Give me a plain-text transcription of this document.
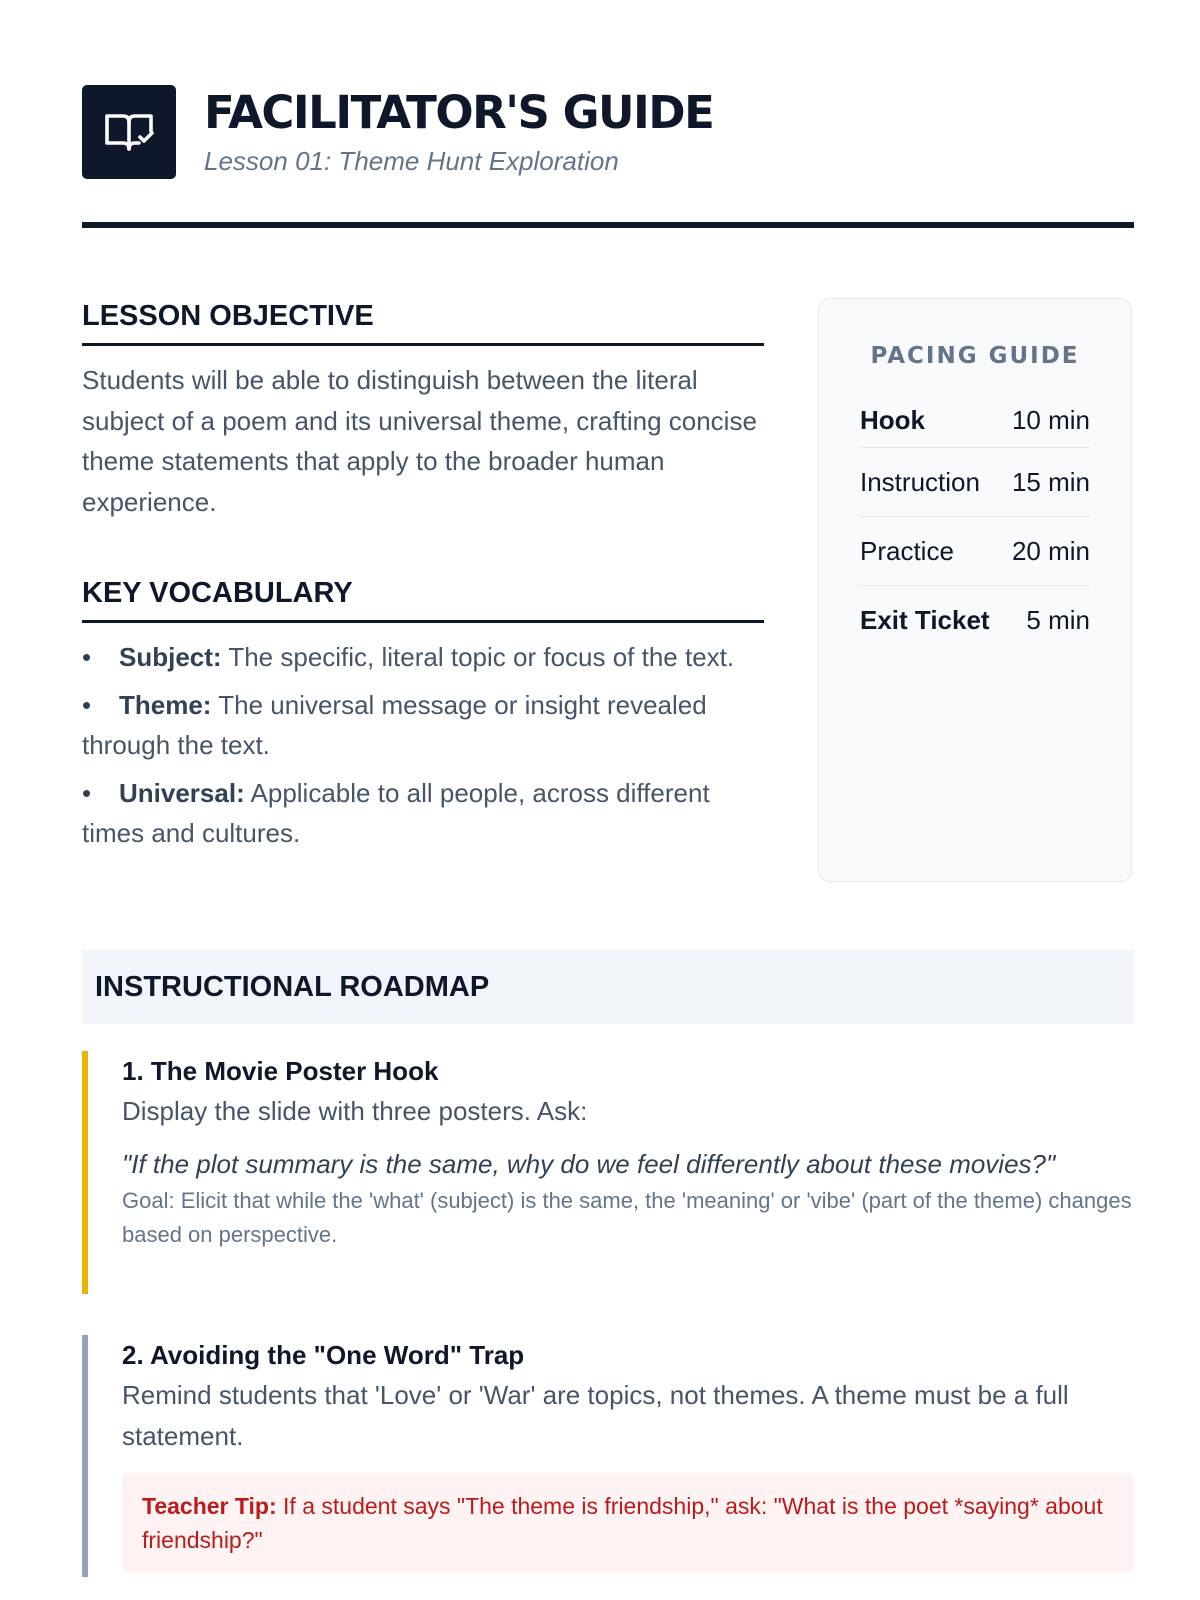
FACILITATOR'S GUIDE

Lesson 01: Theme Hunt Exploration

LESSON OBJECTIVE

Students will be able to distinguish between the literal subject of a poem and its universal theme, crafting concise theme statements that apply to the broader human experience.

KEY VOCABULARY
• Subject: The specific, literal topic or focus of the text.
• Theme: The universal message or insight revealed through the text.
• Universal: Applicable to all people, across different times and cultures.
PACING GUIDE
Hook	10 min
Instruction 15 min
Practice 20 min
Exit Ticket 5 min
INSTRUCTIONAL ROADMAP
1. The Movie Poster Hook

Display the slide with three posters. Ask:

"If the plot summary is the same, why do we feel differently about these movies?"

Goal: Elicit that while the 'what' (subject) is the same, the 'meaning' or 'vibe' (part of the theme) changes based on perspective.

2. Avoiding the "One Word" Trap

Remind students that 'Love' or 'War' are topics, not themes. A theme must be a full statement.

Teacher Tip: If a student says "The theme is friendship," ask: "What is the poet *saying* about friendship?"
